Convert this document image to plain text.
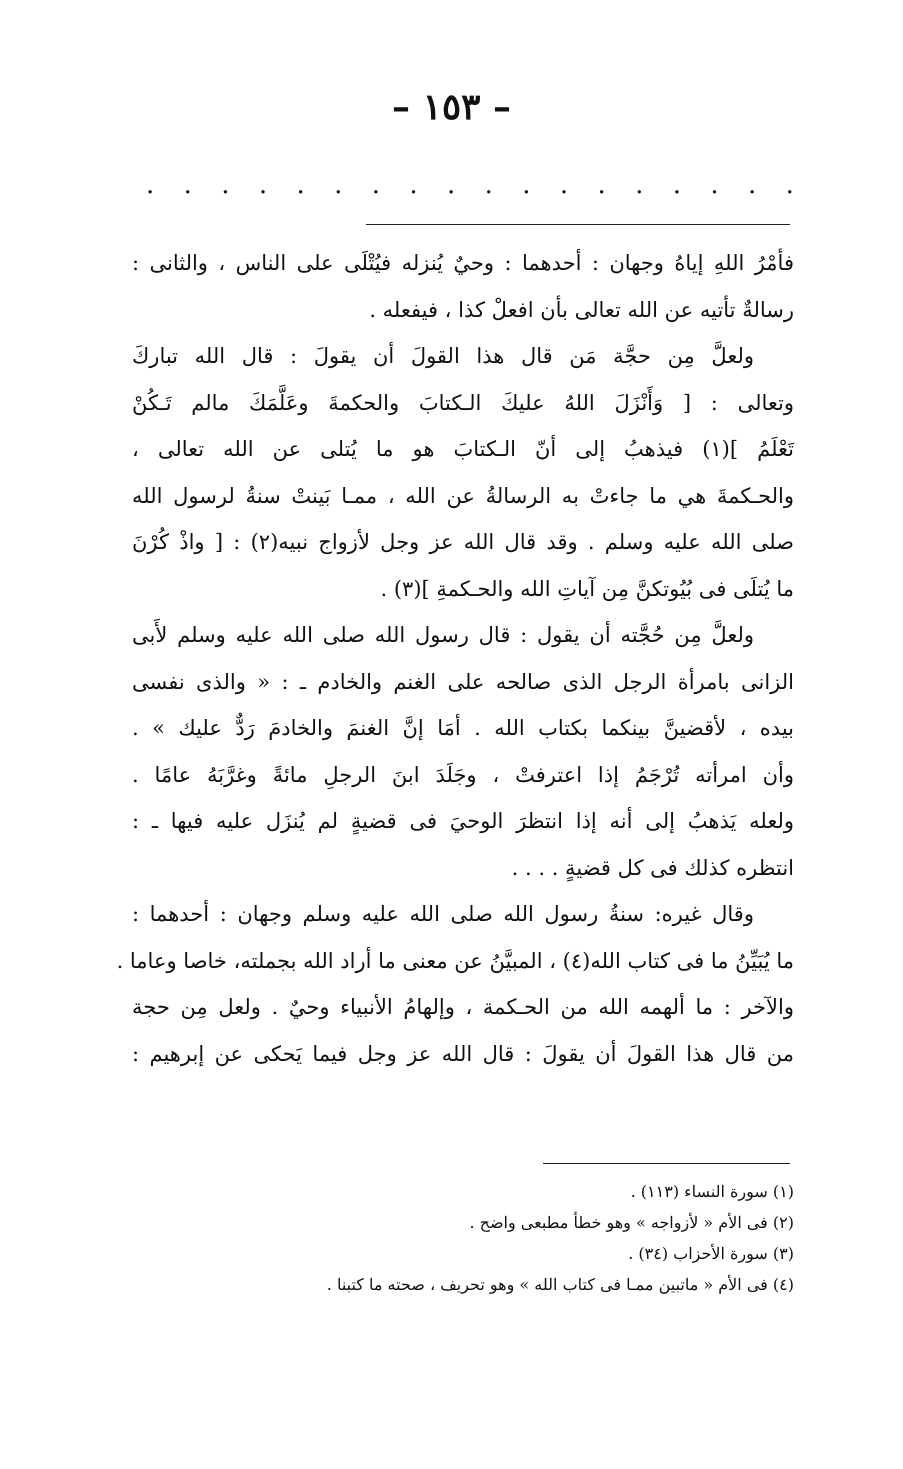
– ١٥٣ –
. . . . . . . . . . . . . . . . . .
فأمْرُ اللهِ إياهُ وجهان : أحدهما : وحيٌ يُنزله فيُتْلَى على الناس ، والثانى :
رسالةٌ تأتيه عن الله تعالى بأن افعلْ كذا ، فيفعله .
ولعلَّ مِن حجَّة مَن قال هذا القولَ أن يقولَ : قال الله تباركَ
وتعالى : [ وَأَنْزَلَ اللهُ عليكَ الـكتابَ والحكمةَ وعَلَّمَكَ مالم تَـكُنْ
تَعْلَمُ ](١) فيذهبُ إلى أنّ الـكتابَ هو ما يُتلى عن الله تعالى ،
والحـكمةَ هي ما جاءتْ به الرسالةُ عن الله ، ممـا بَينتْ سنةُ لرسول الله
صلى الله عليه وسلم . وقد قال الله عز وجل لأزواج نبيه(٢) : [ واذْ كُرْنَ
ما يُتلَى فى بُيُوتكنَّ مِن آياتِ الله والحـكمةِ ](٣) .
ولعلَّ مِن حُجَّته أن يقول : قال رسول الله صلى الله عليه وسلم لأَبى
الزانى بامرأة الرجل الذى صالحه على الغنم والخادم ـ : « والذى نفسى
بيده ، لأقضينَّ بينكما بكتاب الله . أمَا إنَّ الغنمَ والخادمَ رَدٌّ عليك » .
وأن امرأته تُرْجَمُ إذا اعترفتْ ، وجَلَدَ ابنَ الرجلِ مائةً وغرَّبَهُ عامًا .
ولعله يَذهبُ إلى أنه إذا انتظرَ الوحيَ فى قضيةٍ لم يُنزَل عليه فيها ـ :
انتظره كذلك فى كل قضيةٍ . . . .
وقال غيره: سنةُ رسول الله صلى الله عليه وسلم وجهان : أحدهما :
ما يُبَيِّنُ ما فى كتاب الله(٤) ، المبيَّنُ عن معنى ما أراد الله بجملته، خاصا وعاما .
والآخر : ما ألهمه الله من الحـكمة ، وإلهامُ الأنبياء وحيٌ . ولعل مِن حجة
من قال هذا القولَ أن يقولَ : قال الله عز وجل فيما يَحكى عن إبرهيم :
(١) سورة النساء (١١٣) .
(٢) فى الأم « لأزواجه » وهو خطأ مطبعى واضح .
(٣) سورة الأحزاب (٣٤) .
(٤) فى الأم « ماتبين ممـا فى كتاب الله » وهو تحريف ، صحته ما كتبنا .
